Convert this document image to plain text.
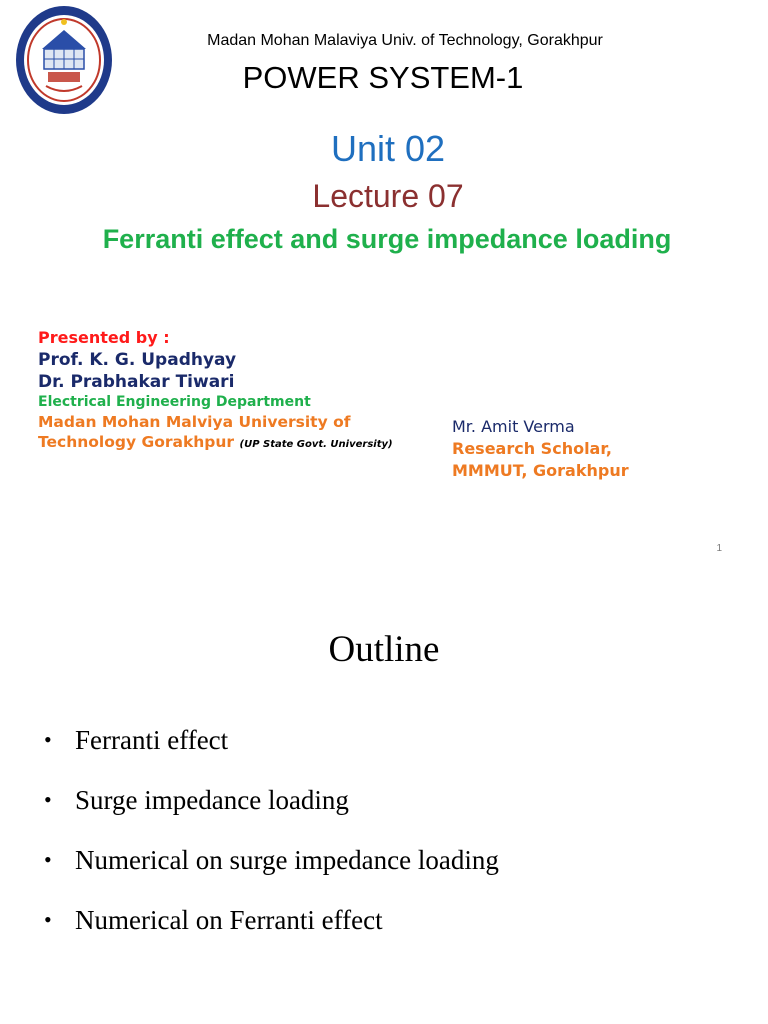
Madan Mohan Malaviya Univ. of Technology, Gorakhpur
POWER SYSTEM-1
Unit 02
Lecture 07
Ferranti effect and surge impedance loading
Presented by :
Prof. K. G. Upadhyay
Dr. Prabhakar Tiwari
Electrical Engineering Department
Madan Mohan Malviya University of
Technology Gorakhpur (UP State Govt. University)
Mr. Amit Verma
Research Scholar,
MMMUT, Gorakhpur
1
Outline
• Ferranti effect
• Surge impedance loading
• Numerical on surge impedance loading
• Numerical on Ferranti effect
